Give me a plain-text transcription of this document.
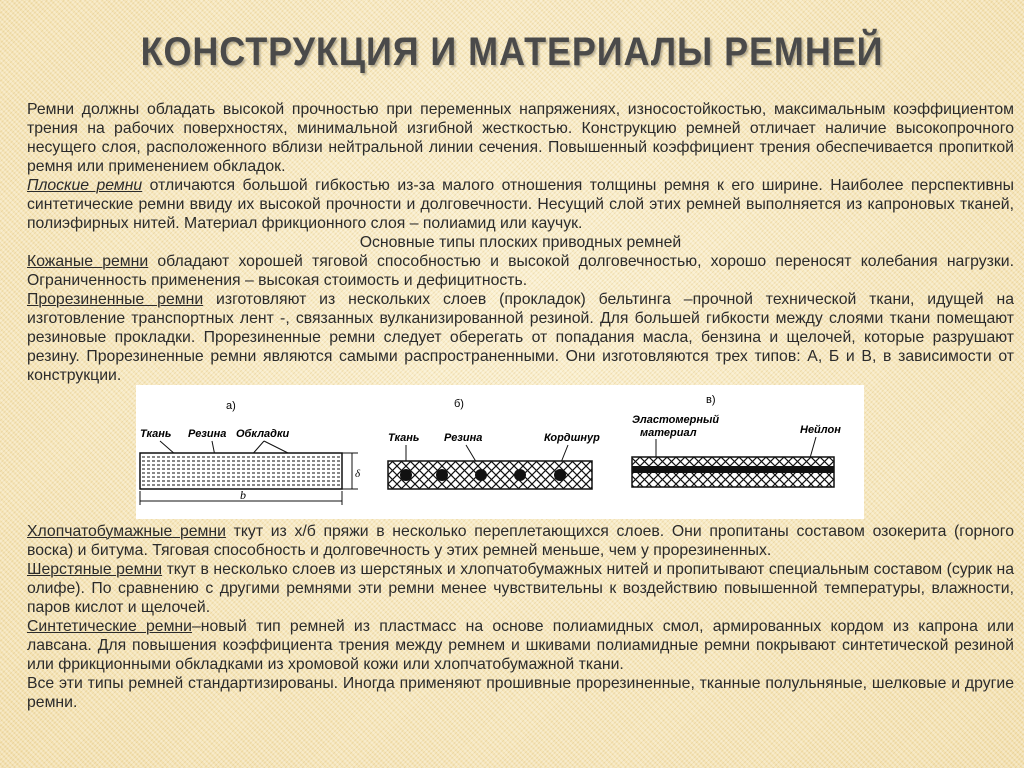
КОНСТРУКЦИЯ И МАТЕРИАЛЫ РЕМНЕЙ

Ремни должны обладать высокой прочностью при переменных напряжениях, износостойкостью, максимальным коэффициентом трения на рабочих поверхностях, минимальной изгибной жесткостью. Конструкцию ремней отличает наличие высокопрочного несущего слоя, расположенного вблизи нейтральной линии сечения. Повышенный коэффициент трения обеспечивается пропиткой ремня или применением обкладок.

Плоские ремни отличаются большой гибкостью из-за малого отношения толщины ремня к его ширине. Наиболее перспективны синтетические ремни ввиду их высокой прочности и долговечности. Несущий слой этих ремней выполняется из капроновых тканей, полиэфирных нитей. Материал фрикционного слоя – полиамид или каучук.

Основные типы плоских приводных ремней

Кожаные ремни обладают хорошей тяговой способностью и высокой долговечностью, хорошо переносят колебания нагрузки. Ограниченность применения – высокая стоимость и дефицитность.

Прорезиненные ремни изготовляют из нескольких слоев (прокладок) бельтинга –прочной технической ткани, идущей на изготовление транспортных лент -, связанных вулканизированной резиной. Для большей гибкости между слоями ткани помещают резиновые прокладки. Прорезиненные ремни следует оберегать от попадания масла, бензина и щелочей, которые разрушают резину. Прорезиненные ремни являются самыми распространенными. Они изготовляются трех типов: А, Б и В, в зависимости от конструкции.

а)
Ткань Резина Обкладки
δ
b
б)
Ткань Резина	Кордшнур
в)
Эластомерный
материал	Нейлон

Хлопчатобумажные ремни ткут из х/б пряжи в несколько переплетающихся слоев. Они пропитаны составом озокерита (горного воска) и битума. Тяговая способность и долговечность у этих ремней меньше, чем у прорезиненных.

Шерстяные ремни ткут в несколько слоев из шерстяных и хлопчатобумажных нитей и пропитывают специальным составом (сурик на олифе). По сравнению с другими ремнями эти ремни менее чувствительны к воздействию повышенной температуры, влажности, паров кислот и щелочей.

Синтетические ремни–новый тип ремней из пластмасс на основе полиамидных смол, армированных кордом из капрона или лавсана. Для повышения коэффициента трения между ремнем и шкивами полиамидные ремни покрывают синтетической резиной или фрикционными обкладками из хромовой кожи или хлопчатобумажной ткани.

Все эти типы ремней стандартизированы. Иногда применяют прошивные прорезиненные, тканные полульняные, шелковые и другие ремни.
